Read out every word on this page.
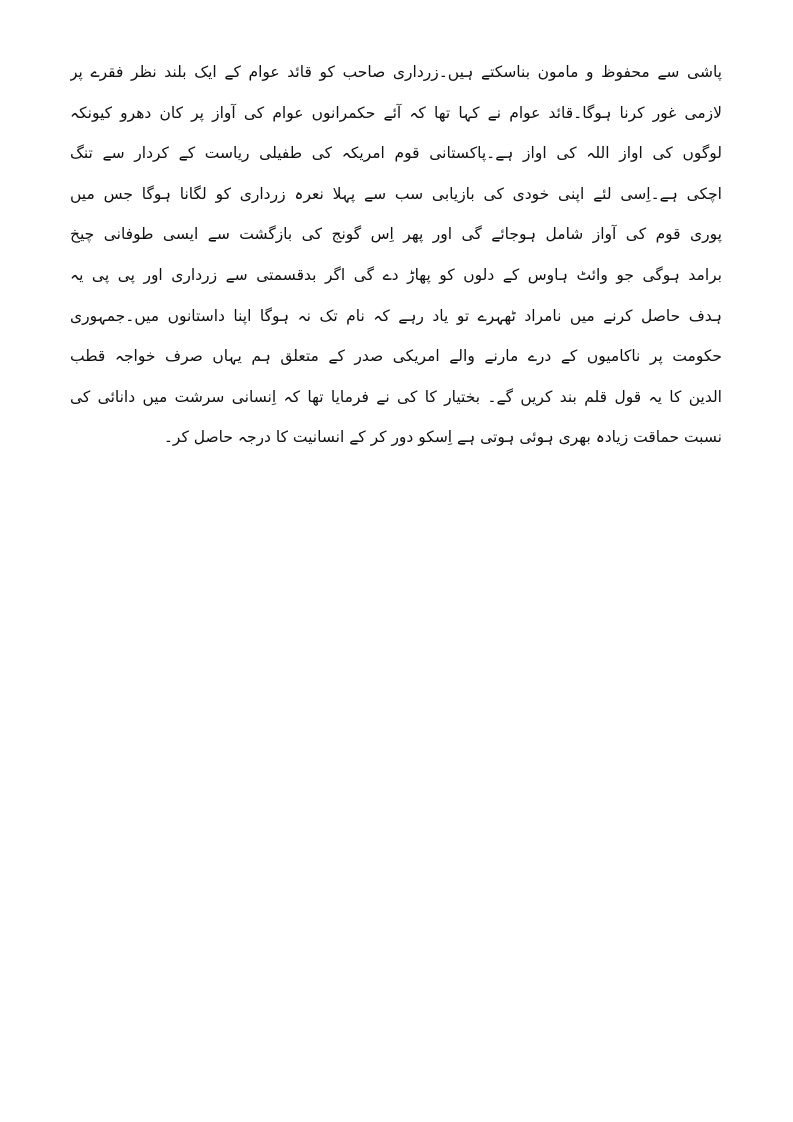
پاشی سے محفوظ و مامون بناسکتے ہیں۔زرداری صاحب کو قائد عوام کے ایک بلند نظر فقرے پر
لازمی غور کرنا ہوگا۔قائد عوام نے کہا تھا کہ آئے حکمرانوں عوام کی آواز پر کان دھرو کیونکہ
لوگوں کی اواز اللہ کی اواز ہے۔پاکستانی قوم امریکہ کی طفیلی ریاست کے کردار سے تنگ
اچکی ہے۔اِسی لئے اپنی خودی کی بازیابی سب سے پہلا نعرہ زرداری کو لگانا ہوگا جس میں
پوری قوم کی آواز شامل ہوجائے گی اور پھر اِس گونج کی بازگشت سے ایسی طوفانی چیخ
برامد ہوگی جو وائٹ ہاوس کے دلوں کو پھاڑ دے گی اگر بدقسمتی سے زرداری اور پی پی یہ
ہدف حاصل کرنے میں نامراد ٹھہرے تو یاد رہے کہ نام تک نہ ہوگا اپنا داستانوں میں۔جمہوری
حکومت پر ناکامیوں کے درے مارنے والے امریکی صدر کے متعلق ہم یہاں صرف خواجہ قطب
الدین کا یہ قول قلم بند کریں گے۔ بختیار کا کی نے فرمایا تھا کہ اِنسانی سرشت میں دانائی کی
نسبت حماقت زیادہ بھری ہوئی ہوتی ہے اِسکو دور کر کے انسانیت کا درجہ حاصل کر۔
